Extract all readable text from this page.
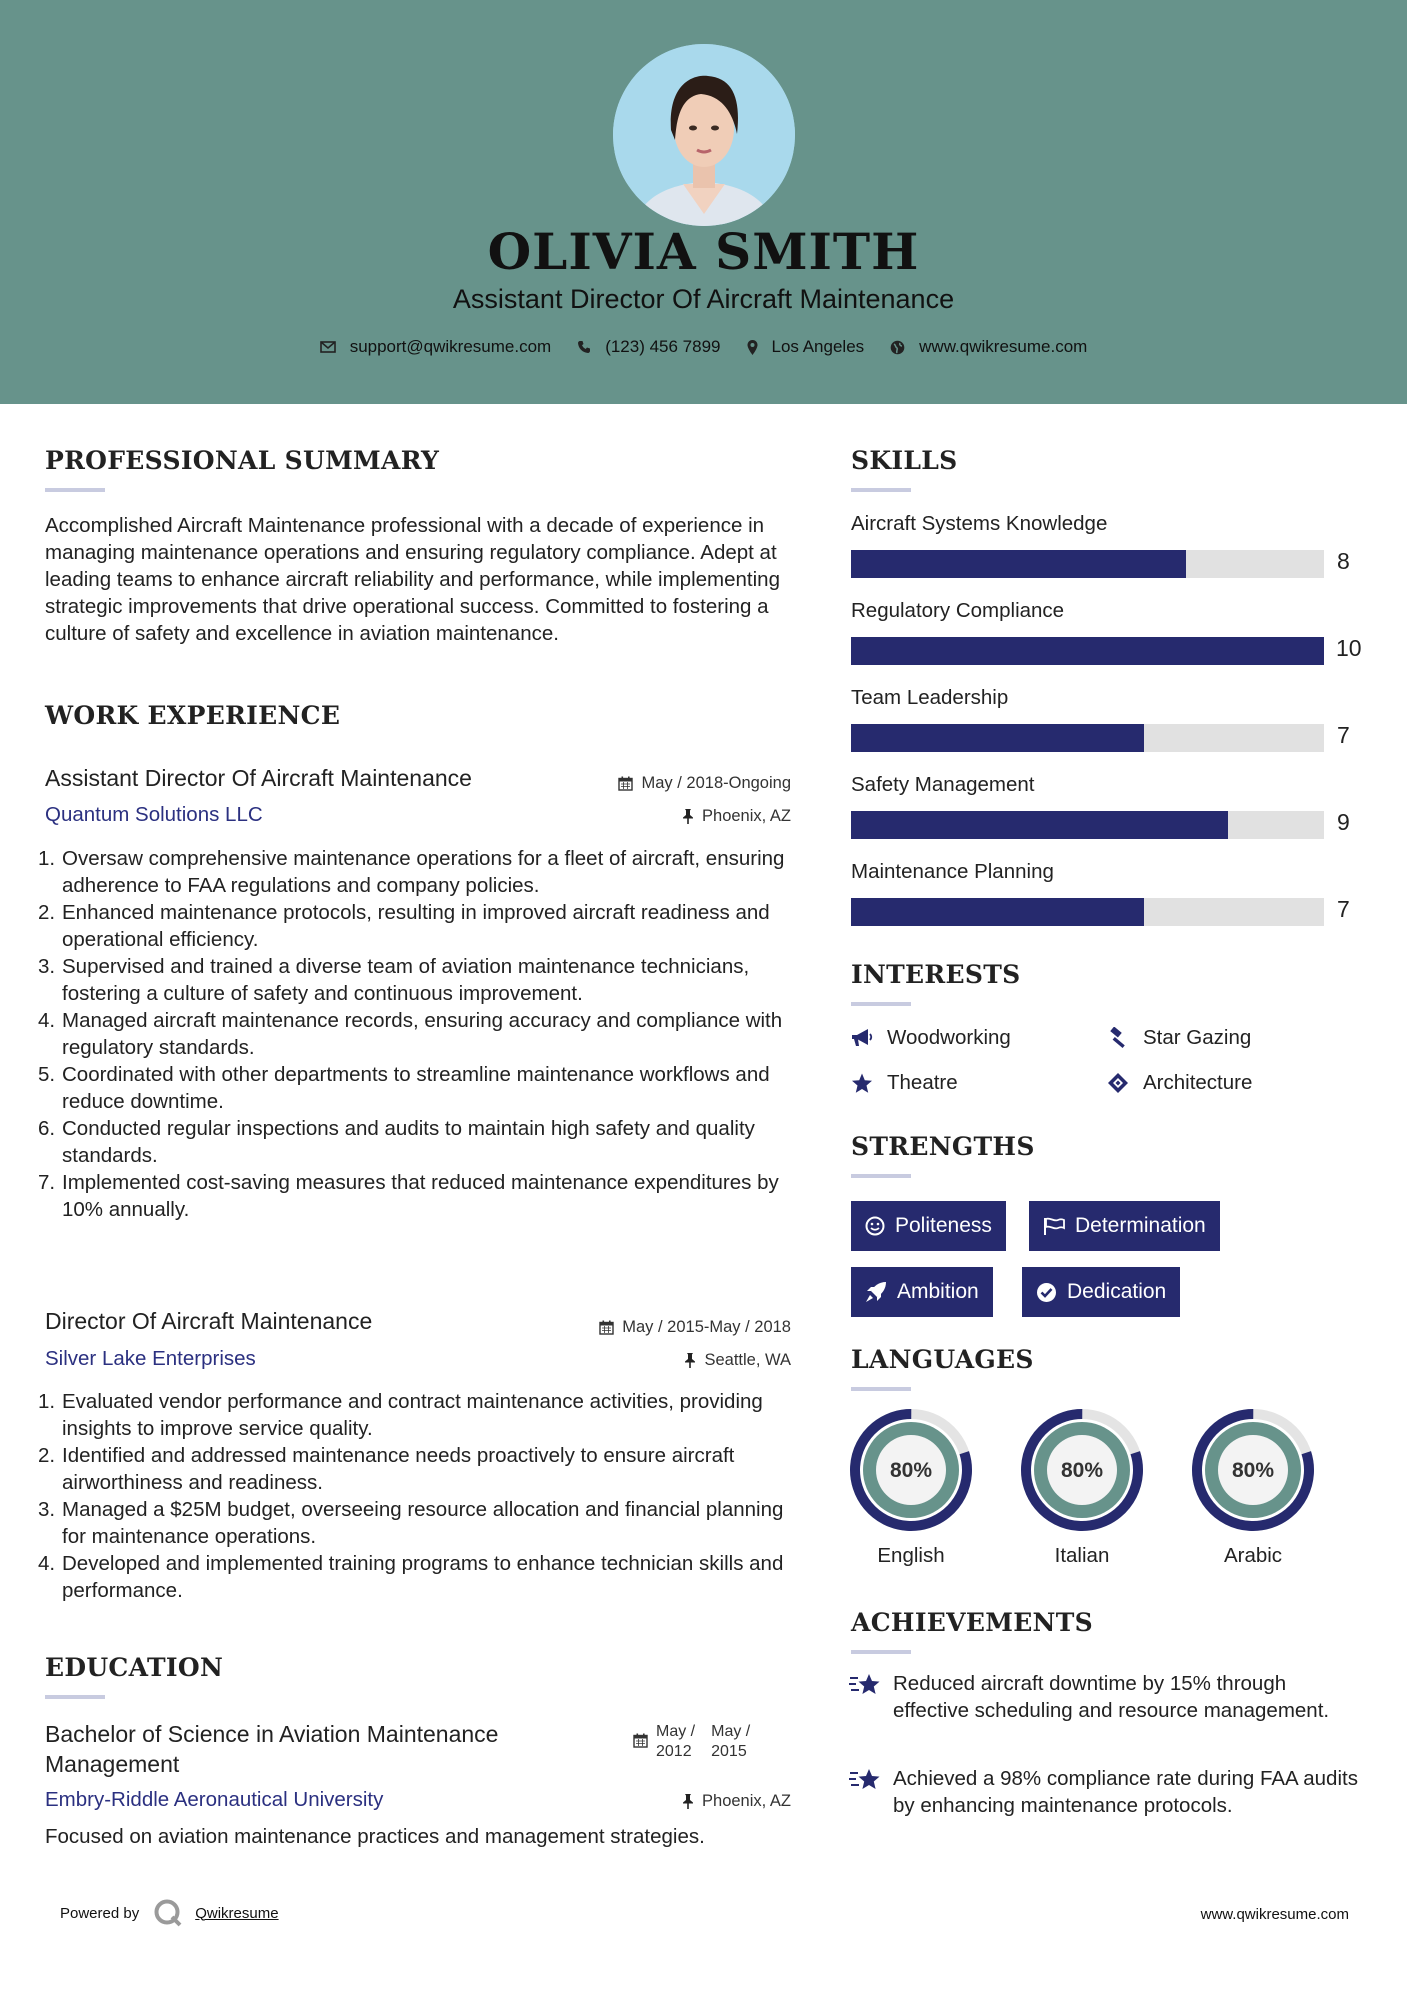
OLIVIA SMITH
Assistant Director Of Aircraft Maintenance
support@qwikresume.com	(123) 456 7899	Los Angeles	www.qwikresume.com
PROFESSIONAL SUMMARY
Accomplished Aircraft Maintenance professional with a decade of experience in managing maintenance operations and ensuring regulatory compliance. Adept at leading teams to enhance aircraft reliability and performance, while implementing strategic improvements that drive operational success. Committed to fostering a culture of safety and excellence in aviation maintenance.
WORK EXPERIENCE
Assistant Director Of Aircraft Maintenance	May / 2018-Ongoing
Quantum Solutions LLC	Phoenix, AZ
1. Oversaw comprehensive maintenance operations for a fleet of aircraft, ensuring adherence to FAA regulations and company policies.
2. Enhanced maintenance protocols, resulting in improved aircraft readiness and operational efficiency.
3. Supervised and trained a diverse team of aviation maintenance technicians, fostering a culture of safety and continuous improvement.
4. Managed aircraft maintenance records, ensuring accuracy and compliance with regulatory standards.
5. Coordinated with other departments to streamline maintenance workflows and reduce downtime.
6. Conducted regular inspections and audits to maintain high safety and quality standards.
7. Implemented cost-saving measures that reduced maintenance expenditures by 10% annually.
Director Of Aircraft Maintenance	May / 2015-May / 2018
Silver Lake Enterprises	Seattle, WA
1. Evaluated vendor performance and contract maintenance activities, providing insights to improve service quality.
2. Identified and addressed maintenance needs proactively to ensure aircraft airworthiness and readiness.
3. Managed a $25M budget, overseeing resource allocation and financial planning for maintenance operations.
4. Developed and implemented training programs to enhance technician skills and performance.
EDUCATION
Bachelor of Science in Aviation Maintenance Management
May /
2012
May /
2015
Embry-Riddle Aeronautical University	Phoenix, AZ
Focused on aviation maintenance practices and management strategies.
SKILLS
Aircraft Systems Knowledge
8
Regulatory Compliance
10
Team Leadership
7
Safety Management
9
Maintenance Planning
7
INTERESTS
Woodworking	Star Gazing
Theatre	Architecture
STRENGTHS
Politeness	Determination
Ambition	Dedication
LANGUAGES
80%
English
80%
Italian
80%
Arabic
ACHIEVEMENTS
Reduced aircraft downtime by 15% through effective scheduling and resource management.
Achieved a 98% compliance rate during FAA audits by enhancing maintenance protocols.
Powered by	Qwikresume	www.qwikresume.com
